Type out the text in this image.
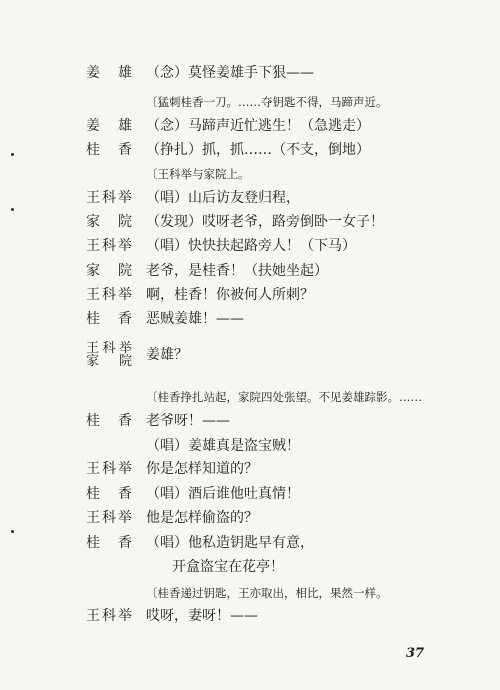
姜　雄 （念）莫怪姜雄手下狠——
〔猛刺桂香一刀。……夺钥匙不得，马蹄声近。
姜　雄 （念）马蹄声近忙逃生！（急逃走）
桂　香 （挣扎）抓，抓……（不支，倒地）
〔王科举与家院上。
王科举 （唱）山后访友登归程，
家　院 （发现）哎呀老爷，路旁倒卧一女子！
王科举 （唱）快快扶起路旁人！（下马）
家　院 老爷，是桂香！（扶她坐起）
王科举 啊，桂香！你被何人所刺？
桂　香 恶贼姜雄！——
王科举
家　院 姜雄？
〔桂香挣扎站起，家院四处张望。不见姜雄踪影。……
桂　香 老爷呀！——
（唱）姜雄真是盗宝贼！
王科举 你是怎样知道的？
桂　香 （唱）酒后谁他吐真情！
王科举 他是怎样偷盗的？
桂　香 （唱）他私造钥匙早有意，
开盒盗宝在花亭！
〔桂香递过钥匙，王亦取出，相比，果然一样。
王科举 哎呀，妻呀！——
37
